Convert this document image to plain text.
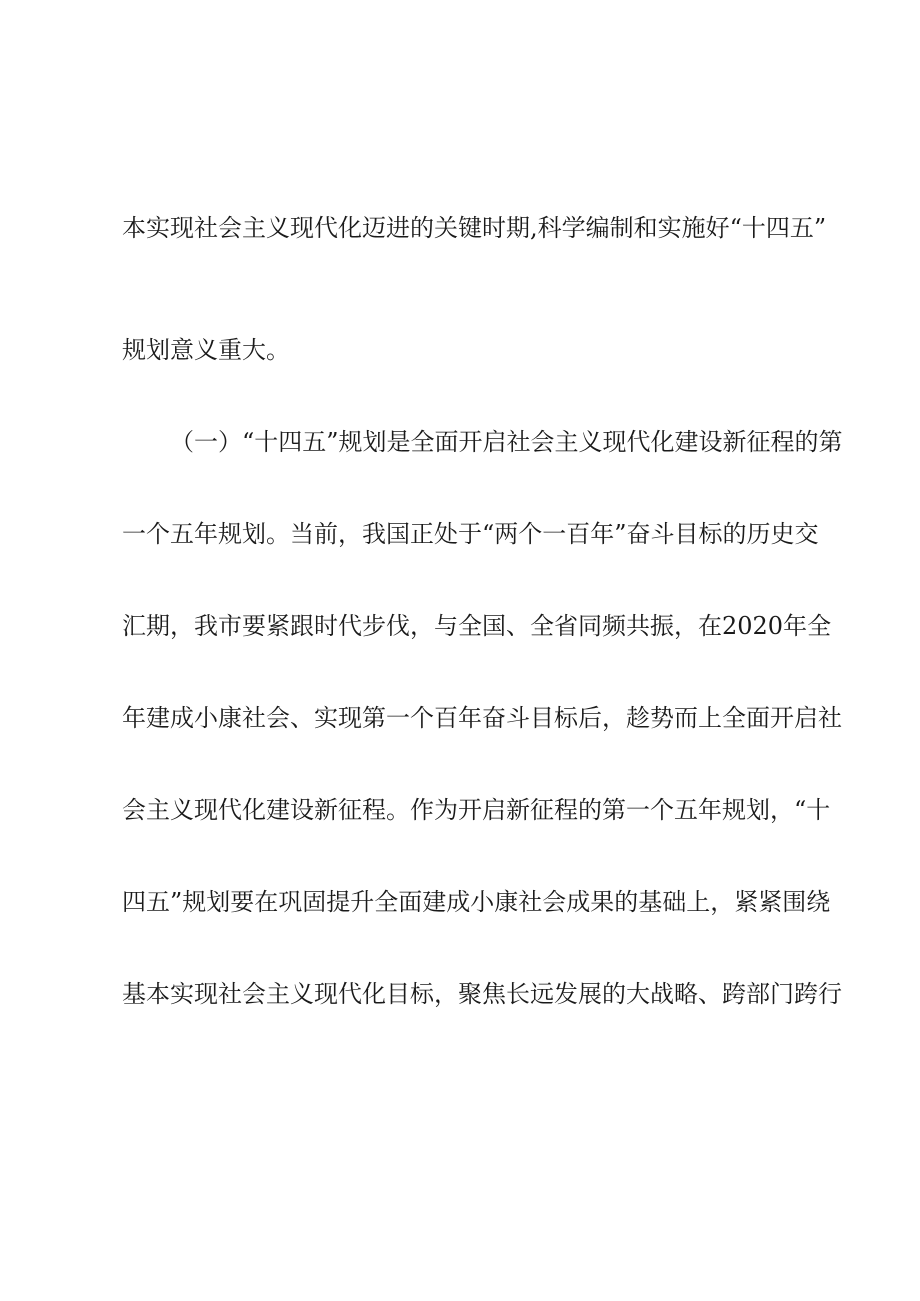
本实现社会主义现代化迈进的关键时期,科学编制和实施好“十四五”
规划意义重大。
（一）“十四五”规划是全面开启社会主义现代化建设新征程的第
一个五年规划。当前，我国正处于“两个一百年”奋斗目标的历史交
汇期，我市要紧跟时代步伐，与全国、全省同频共振，在2020年全
年建成小康社会、实现第一个百年奋斗目标后，趁势而上全面开启社
会主义现代化建设新征程。作为开启新征程的第一个五年规划，“十
四五”规划要在巩固提升全面建成小康社会成果的基础上，紧紧围绕
基本实现社会主义现代化目标，聚焦长远发展的大战略、跨部门跨行
